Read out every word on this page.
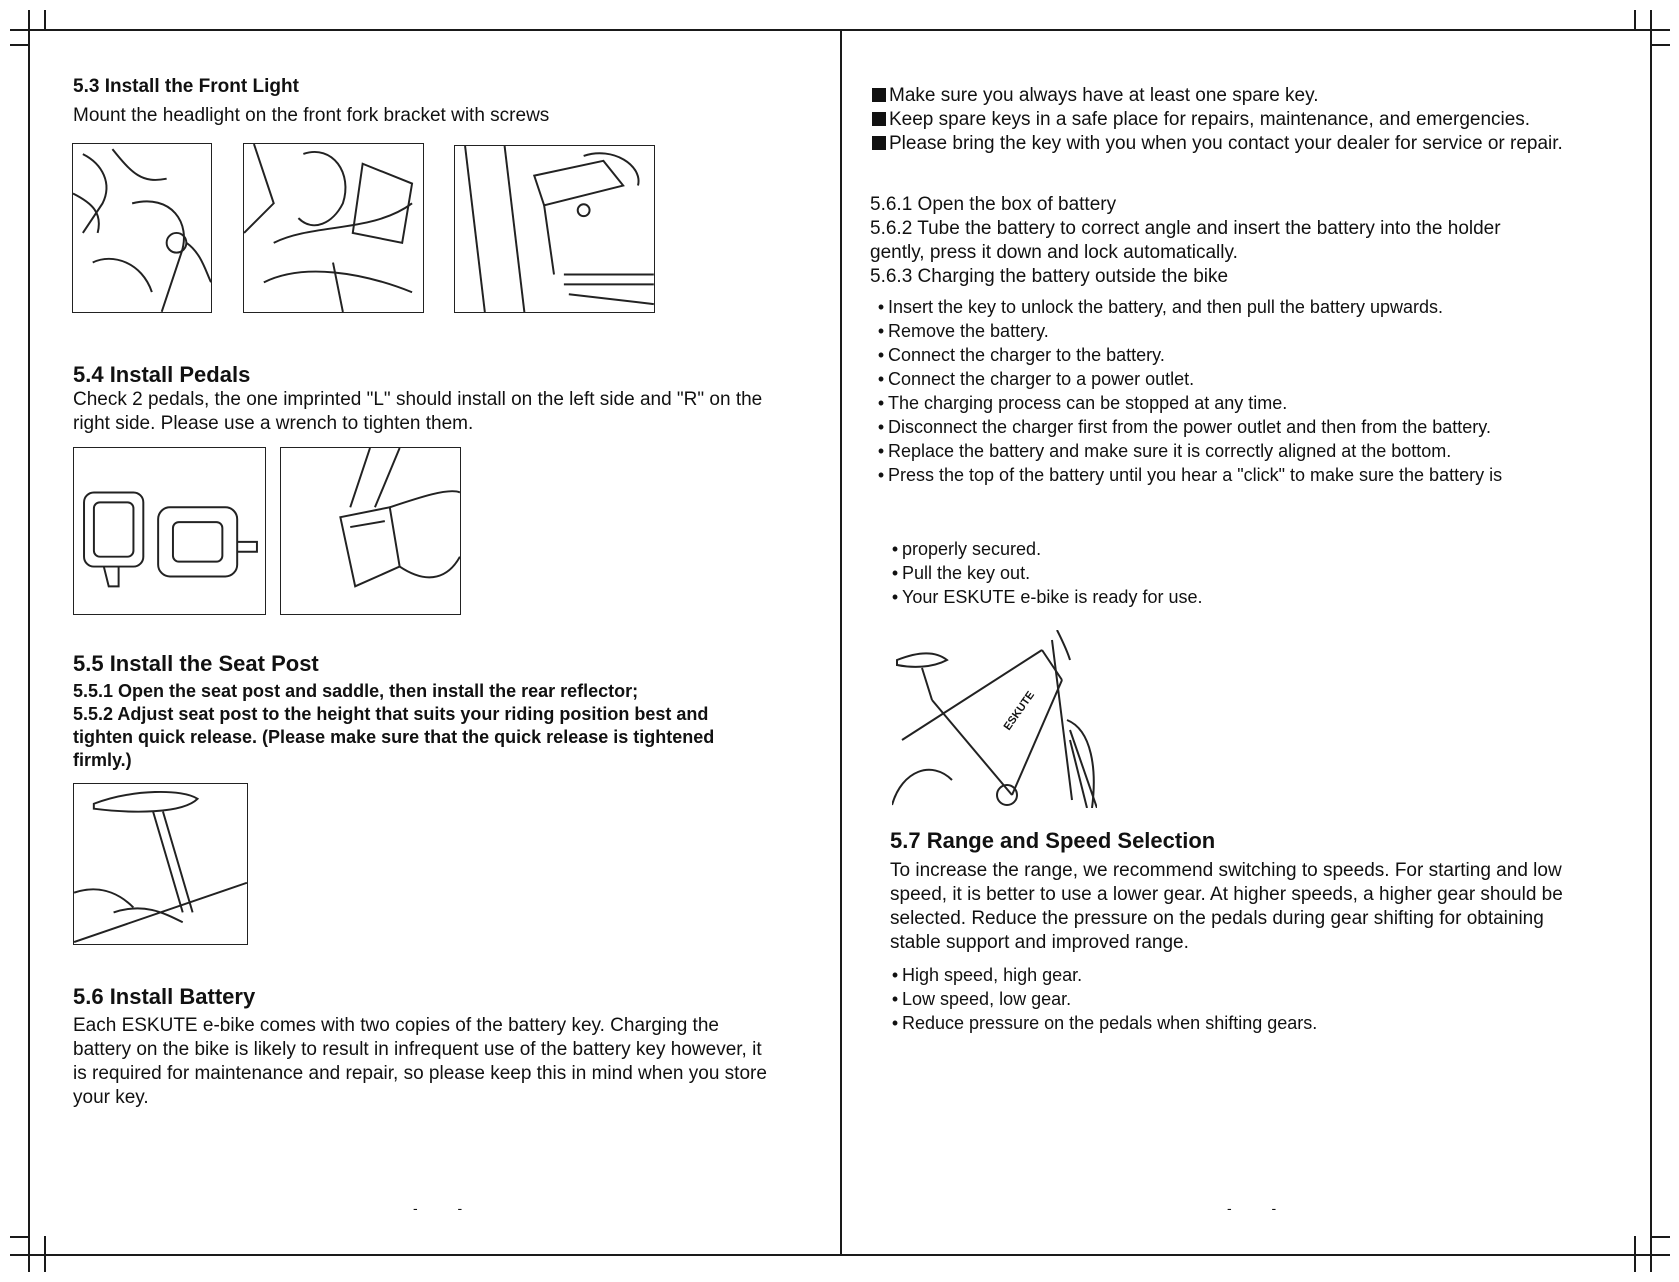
5.3 Install the Front Light
Mount the headlight on the front fork bracket with screws
5.4 Install Pedals
Check 2 pedals, the one imprinted "L" should install on the left side and "R" on the
right side. Please use a wrench to tighten them.
5.5 Install the Seat Post
5.5.1 Open the seat post and saddle, then install the rear reflector;
5.5.2 Adjust seat post to the height that suits your riding position best and
tighten quick release. (Please make sure that the quick release is tightened
firmly.)
5.6 Install Battery
Each ESKUTE e-bike comes with two copies of the battery key. Charging the
battery on the bike is likely to result in infrequent use of the battery key however, it
is required for maintenance and repair, so please keep this in mind when you store
your key.
- -
Make sure you always have at least one spare key.
Keep spare keys in a safe place for repairs, maintenance, and emergencies.
Please bring the key with you when you contact your dealer for service or repair.
5.6.1 Open the box of battery
5.6.2 Tube the battery to correct angle and insert the battery into the holder
gently, press it down and lock automatically.
5.6.3 Charging the battery outside the bike
• Insert the key to unlock the battery, and then pull the battery upwards.
• Remove the battery.
• Connect the charger to the battery.
• Connect the charger to a power outlet.
• The charging process can be stopped at any time.
• Disconnect the charger first from the power outlet and then from the battery.
• Replace the battery and make sure it is correctly aligned at the bottom.
• Press the top of the battery until you hear a "click" to make sure the battery is
• properly secured.
• Pull the key out.
• Your ESKUTE e-bike is ready for use.
ESKUTE
5.7 Range and Speed Selection
To increase the range, we recommend switching to speeds. For starting and low
speed, it is better to use a lower gear. At higher speeds, a higher gear should be
selected. Reduce the pressure on the pedals during gear shifting for obtaining
stable support and improved range.
• High speed, high gear.
• Low speed, low gear.
• Reduce pressure on the pedals when shifting gears.
- -
